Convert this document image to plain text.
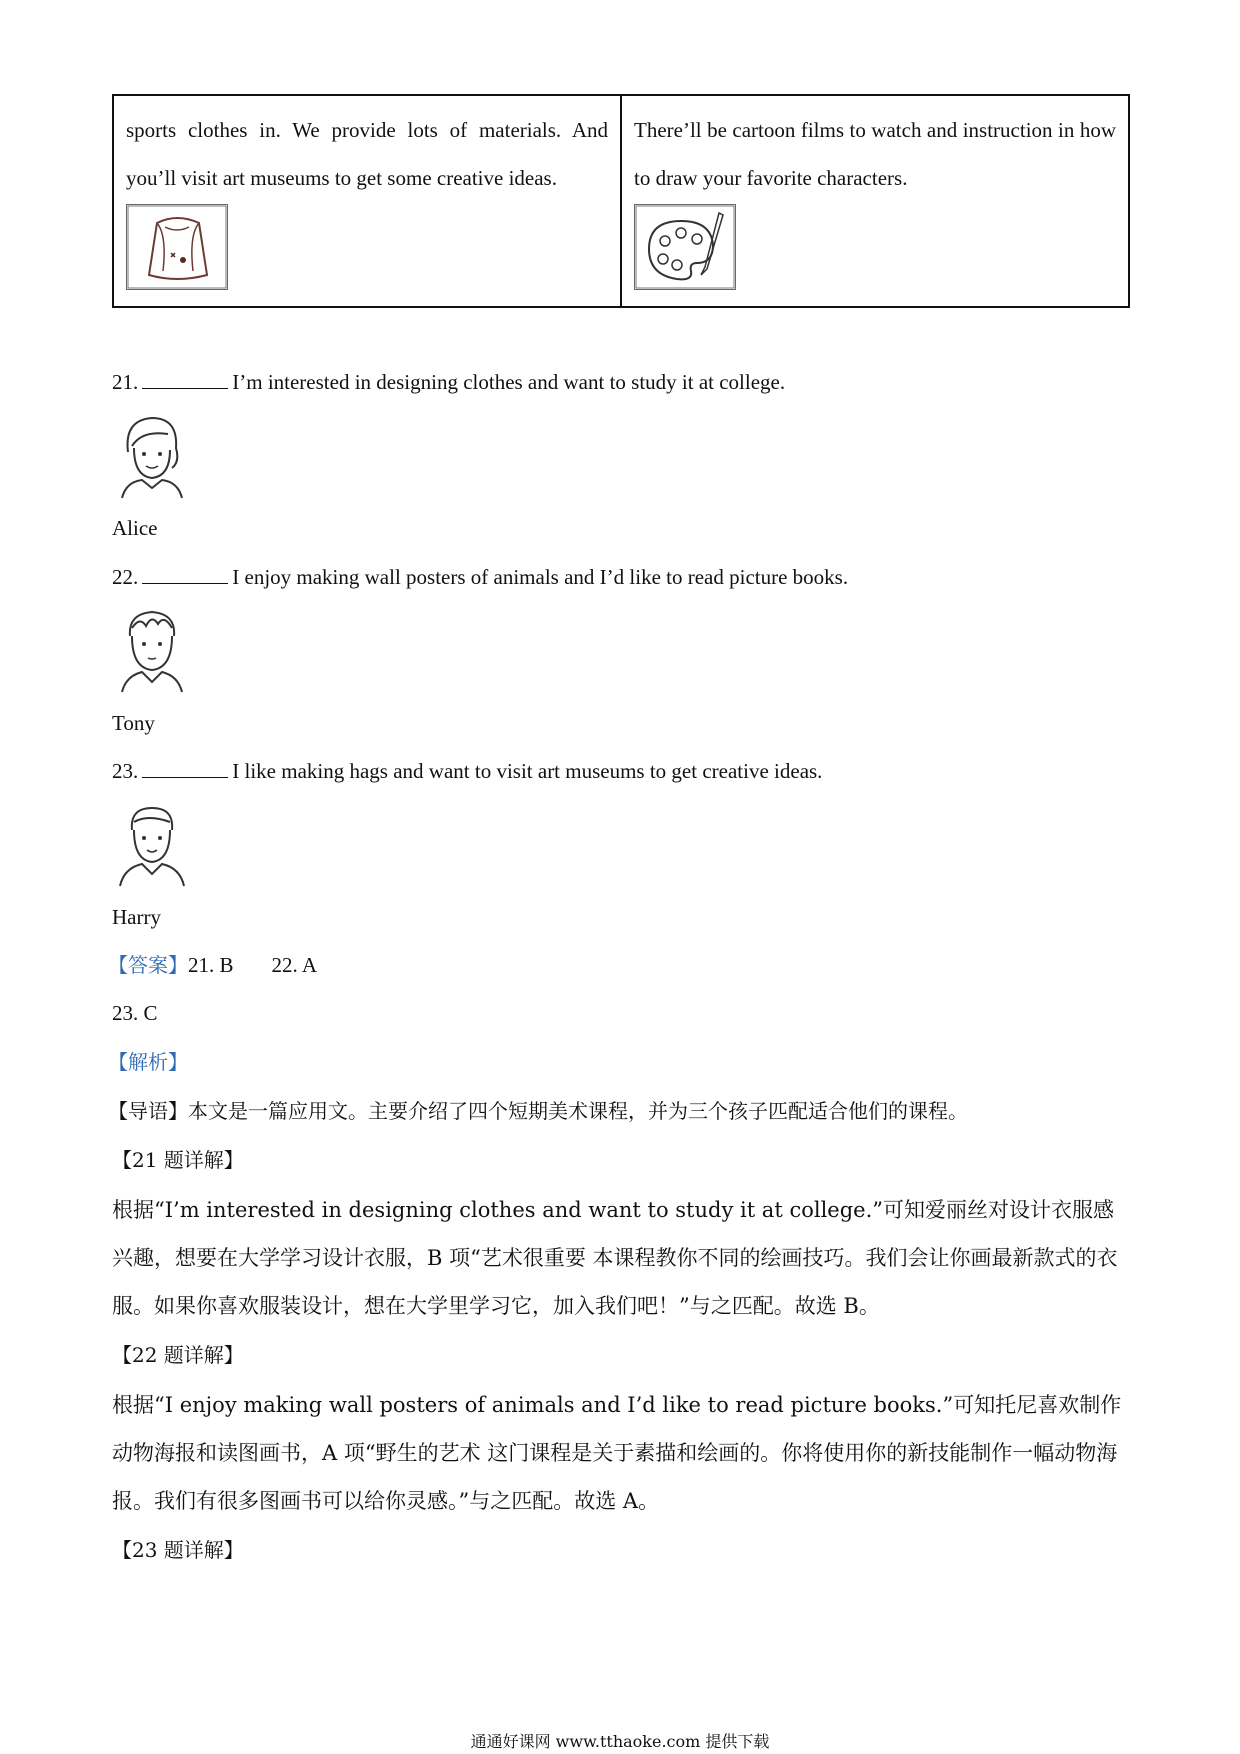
sports clothes in. We provide lots of materials. And you’ll visit art museums to get some creative ideas.

There’ll be cartoon films to watch and instruction in how to draw your favorite characters.
21.	I’m interested in designing clothes and want to study it at college.
Alice
22.	I enjoy making wall posters of animals and I’d like to read picture books.
Tony
23.	I like making hags and want to visit art museums to get creative ideas.
Harry
【答案】21. B 22. A
23. C
【解析】
【导语】本文是一篇应用文。主要介绍了四个短期美术课程，并为三个孩子匹配适合他们的课程。
【21 题详解】
根据“I’m interested in designing clothes and want to study it at college.”可知爱丽丝对设计衣服感兴趣，想要在大学学习设计衣服，B 项“艺术很重要 本课程教你不同的绘画技巧。我们会让你画最新款式的衣服。如果你喜欢服装设计，想在大学里学习它，加入我们吧！”与之匹配。故选 B。
【22 题详解】
根据“I enjoy making wall posters of animals and I’d like to read picture books.”可知托尼喜欢制作动物海报和读图画书，A 项“野生的艺术 这门课程是关于素描和绘画的。你将使用你的新技能制作一幅动物海报。我们有很多图画书可以给你灵感。”与之匹配。故选 A。
【23 题详解】
通通好课网 www.tthaoke.com 提供下载
